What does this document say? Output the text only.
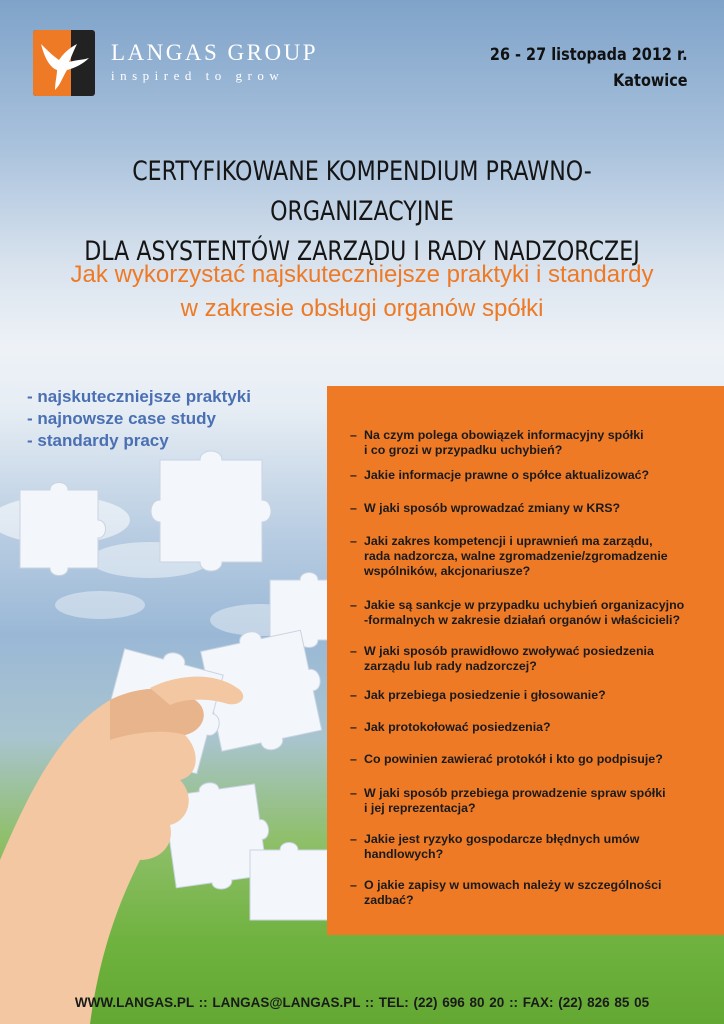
LANGAS GROUP
inspired to grow
26 - 27 listopada 2012 r.
Katowice
CERTYFIKOWANE KOMPENDIUM PRAWNO-ORGANIZACYJNE
DLA ASYSTENTÓW ZARZĄDU I RADY NADZORCZEJ
Jak wykorzystać najskuteczniejsze praktyki i standardy
w zakresie obsługi organów spółki
- najskuteczniejsze praktyki
- najnowsze case study
- standardy pracy	– Na czym polega obowiązek informacyjny spółki
i co grozi w przypadku uchybień?
– Jakie informacje prawne o spółce aktualizować?
– W jaki sposób wprowadzać zmiany w KRS?
– Jaki zakres kompetencji i uprawnień ma zarządu,
rada nadzorcza, walne zgromadzenie/zgromadzenie
wspólników, akcjonariusze?
– Jakie są sankcje w przypadku uchybień organizacyjno
-formalnych w zakresie działań organów i właścicieli?
– W jaki sposób prawidłowo zwoływać posiedzenia
zarządu lub rady nadzorczej?
– Jak przebiega posiedzenie i głosowanie?
– Jak protokołować posiedzenia?
– Co powinien zawierać protokół i kto go podpisuje?
– W jaki sposób przebiega prowadzenie spraw spółki
i jej reprezentacja?
– Jakie jest ryzyko gospodarcze błędnych umów
handlowych?
– O jakie zapisy w umowach należy w szczególności
zadbać?
WWW.LANGAS.PL :: LANGAS@LANGAS.PL :: TEL: (22) 696 80 20 :: FAX: (22) 826 85 05
